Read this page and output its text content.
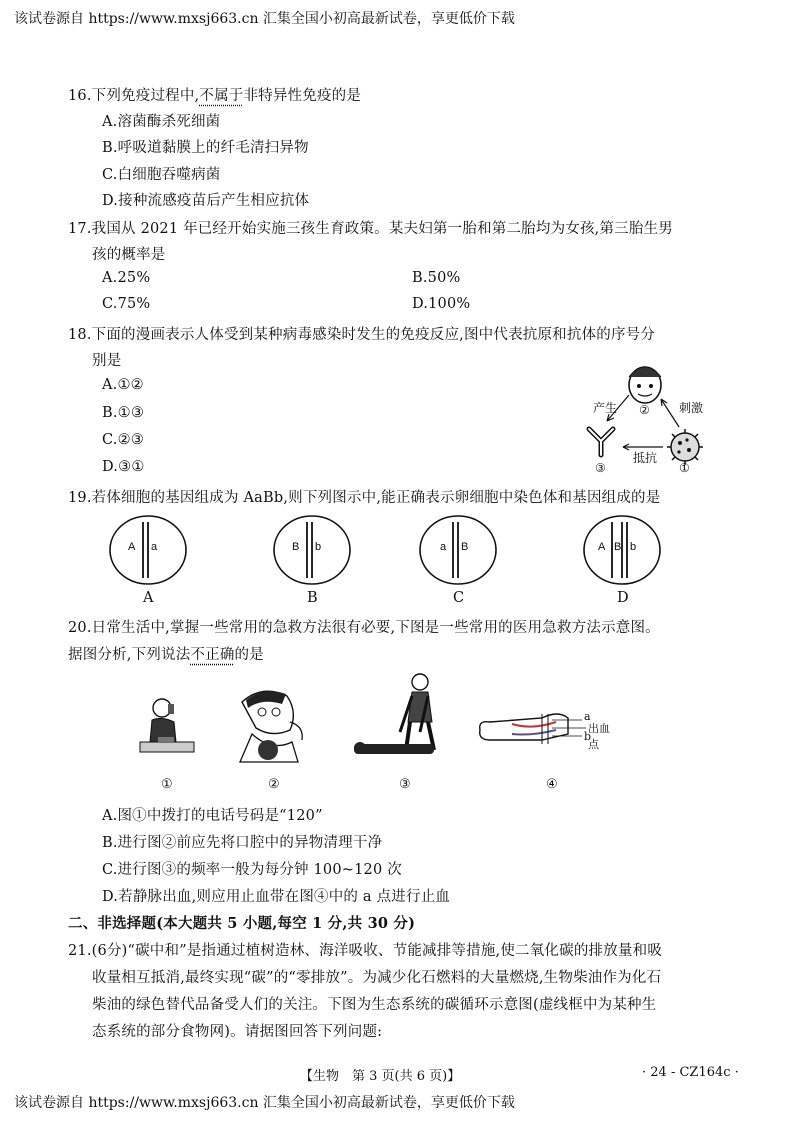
该试卷源自 https://www.mxsj663.cn 汇集全国小初高最新试卷，享更低价下载
该试卷源自 https://www.mxsj663.cn 汇集全国小初高最新试卷，享更低价下载
16.下列免疫过程中,不属于非特异性免疫的是
A.溶菌酶杀死细菌
B.呼吸道黏膜上的纤毛清扫异物
C.白细胞吞噬病菌
D.接种流感疫苗后产生相应抗体
17.我国从 2021 年已经开始实施三孩生育政策。某夫妇第一胎和第二胎均为女孩,第三胎生男
孩的概率是
A.25%	B.50%
C.75%	D.100%
18.下面的漫画表示人体受到某种病毒感染时发生的免疫反应,图中代表抗原和抗体的序号分
别是
A.①②
B.①③
C.②③
D.③①
产生	刺激
抵抗
②
③	①
19.若体细胞的基因组成为 AaBb,则下列图示中,能正确表示卵细胞中染色体和基因组成的是
A a
A
B b
B
a B
C
A B b
D
20.日常生活中,掌握一些常用的急救方法很有必要,下图是一些常用的医用急救方法示意图。
据图分析,下列说法不正确的是
①	②	③
a
出血点
b
④
A.图①中拨打的电话号码是“120”
B.进行图②前应先将口腔中的异物清理干净
C.进行图③的频率一般为每分钟 100~120 次
D.若静脉出血,则应用止血带在图④中的 a 点进行止血
二、非选择题(本大题共 5 小题,每空 1 分,共 30 分)
21.(6分)“碳中和”是指通过植树造林、海洋吸收、节能减排等措施,使二氧化碳的排放量和吸
收量相互抵消,最终实现“碳”的“零排放”。为减少化石燃料的大量燃烧,生物柴油作为化石
柴油的绿色替代品备受人们的关注。下图为生态系统的碳循环示意图(虚线框中为某种生
态系统的部分食物网)。请据图回答下列问题:
【生物　第 3 页(共 6 页)】	· 24 - CZ164c ·
